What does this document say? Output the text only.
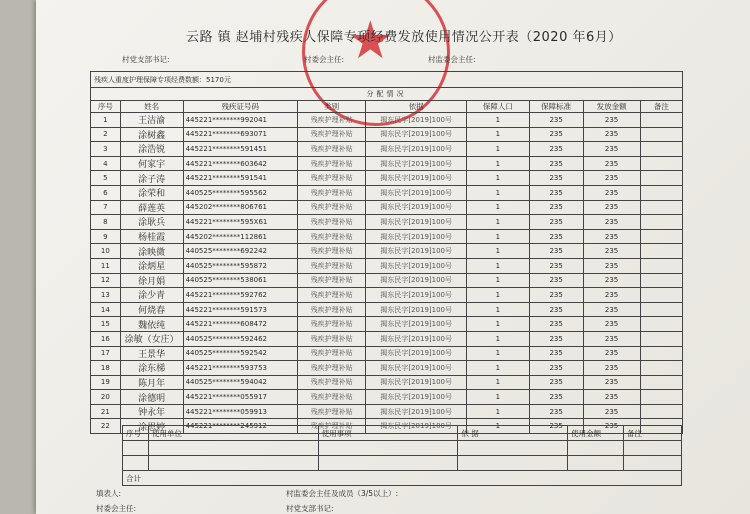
★
云路 镇 赵埔村残疾人保障专项经费发放使用情况公开表（2020 年6月）
村党支部书记:	村委会主任:	村监委会主任:
残疾人重度护理保障专项经费数额：5170元								
分配情况								
序号	姓名	残疾证号码	类别	依据	保障人口	保障标准	发放金额	备注
1	王洁渝	445221********992041	残疾护理补贴	揭东民字[2019]100号	1	235	235	
2	涂树鑫	445221********693071	残疾护理补贴	揭东民字[2019]100号	1	235	235	
3	涂浩锐	445221********591451	残疾护理补贴	揭东民字[2019]100号	1	235	235	
4	何家宇	445221********603642	残疾护理补贴	揭东民字[2019]100号	1	235	235	
5	涂子涛	445221********591541	残疾护理补贴	揭东民字[2019]100号	1	235	235	
6	涂荣和	440525********595562	残疾护理补贴	揭东民字[2019]100号	1	235	235	
7	薛莲英	445202********806761	残疾护理补贴	揭东民字[2019]100号	1	235	235	
8	涂耿兵	445221********595X61	残疾护理补贴	揭东民字[2019]100号	1	235	235	
9	杨桂霞	445202********112861	残疾护理补贴	揭东民字[2019]100号	1	235	235	
10	涂映微	440525********692242	残疾护理补贴	揭东民字[2019]100号	1	235	235	
11	涂炳星	440525********595872	残疾护理补贴	揭东民字[2019]100号	1	235	235	
12	徐月娟	440525********538061	残疾护理补贴	揭东民字[2019]100号	1	235	235	
13	涂少青	445221********592762	残疾护理补贴	揭东民字[2019]100号	1	235	235	
14	何烧春	445221********591573	残疾护理补贴	揭东民字[2019]100号	1	235	235	
15	魏依纯	445221********608472	残疾护理补贴	揭东民字[2019]100号	1	235	235	
16	涂敏（女庄）	440525********592462	残疾护理补贴	揭东民字[2019]100号	1	235	235	
17	王景华	440525********592542	残疾护理补贴	揭东民字[2019]100号	1	235	235	
18	涂东梯	445221********593753	残疾护理补贴	揭东民字[2019]100号	1	235	235	
19	陈月年	440525********594042	残疾护理补贴	揭东民字[2019]100号	1	235	235	
20	涂德明	445221********055917	残疾护理补贴	揭东民字[2019]100号	1	235	235	
21	钟永年	445221********059913	残疾护理补贴	揭东民字[2019]100号	1	235	235	
22	涂思婷	445221********245912	残疾护理补贴	揭东民字[2019]100号	1	235	235	
序号	使用单位	使用事项	依 据	使用金额	备注

合计					
填表人:	村监委会主任及成员（3/5以上）:
村委会主任:	村党支部书记:
